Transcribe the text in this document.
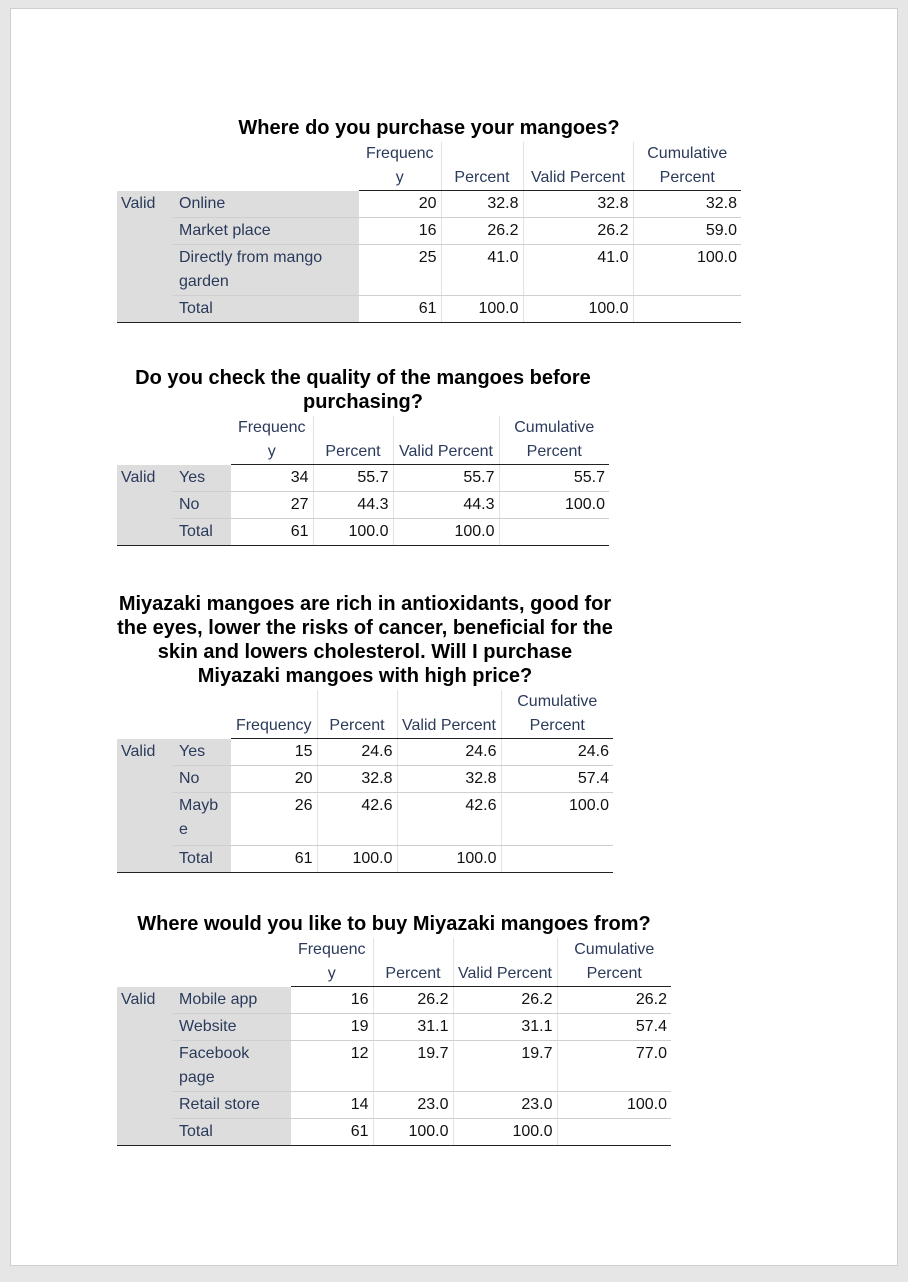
Where do you purchase your mangoes?
		Frequency	Percent	Valid Percent	Cumulative Percent
Valid	Online	20	32.8	32.8	32.8
	Market place	16	26.2	26.2	59.0
	Directly from mango garden	25	41.0	41.0	100.0
	Total	61	100.0	100.0	
Do you check the quality of the mangoes before purchasing?
		Frequency	Percent	Valid Percent	Cumulative Percent
Valid	Yes	34	55.7	55.7	55.7
	No	27	44.3	44.3	100.0
	Total	61	100.0	100.0	
Miyazaki mangoes are rich in antioxidants, good for the eyes, lower the risks of cancer, beneficial for the skin and lowers cholesterol. Will I purchase Miyazaki mangoes with high price?
		Frequency	Percent	Valid Percent	Cumulative Percent
Valid	Yes	15	24.6	24.6	24.6
	No	20	32.8	32.8	57.4
	Maybe	26	42.6	42.6	100.0
	Total	61	100.0	100.0	
Where would you like to buy Miyazaki mangoes from?
		Frequency	Percent	Valid Percent	Cumulative Percent
Valid	Mobile app	16	26.2	26.2	26.2
	Website	19	31.1	31.1	57.4
	Facebook page	12	19.7	19.7	77.0
	Retail store	14	23.0	23.0	100.0
	Total	61	100.0	100.0	
